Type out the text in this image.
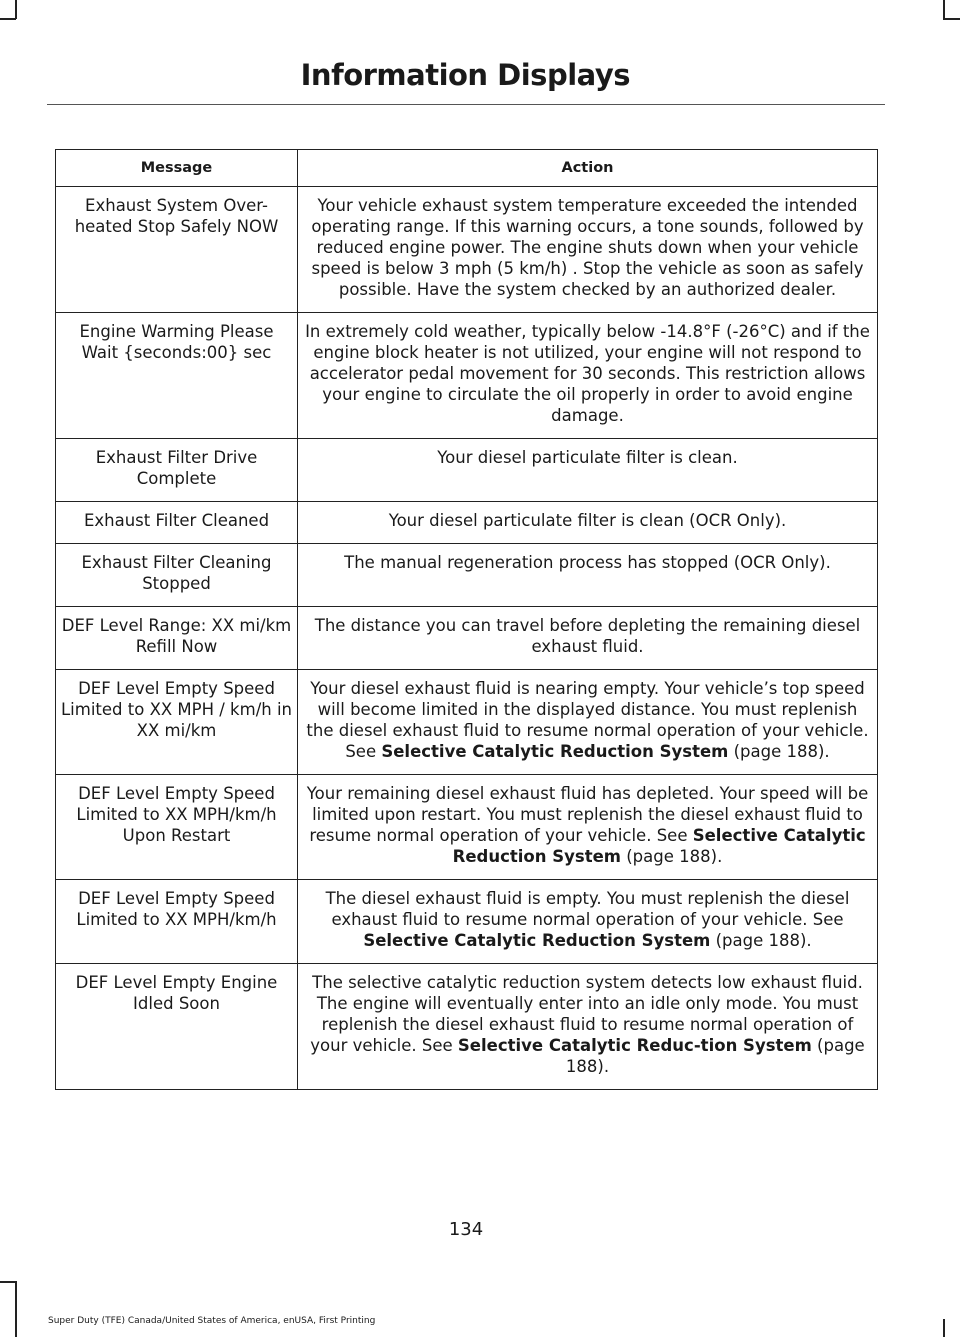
Information Displays
Message	Action
Exhaust System Over-heated Stop Safely NOW	Your vehicle exhaust system temperature exceeded the intended operating range. If this warning occurs, a tone sounds, followed by reduced engine power. The engine shuts down when your vehicle speed is below 3 mph (5 km/h) . Stop the vehicle as soon as safely possible. Have the system checked by an authorized dealer.
Engine Warming Please Wait {seconds:00} sec	In extremely cold weather, typically below -14.8°F (-26°C) and if the engine block heater is not utilized, your engine will not respond to accelerator pedal movement for 30 seconds. This restriction allows your engine to circulate the oil properly in order to avoid engine damage.
Exhaust Filter Drive Complete	Your diesel particulate filter is clean.
Exhaust Filter Cleaned	Your diesel particulate filter is clean (OCR Only).
Exhaust Filter Cleaning Stopped	The manual regeneration process has stopped (OCR Only).
DEF Level Range: XX mi/km Refill Now	The distance you can travel before depleting the remaining diesel exhaust fluid.
DEF Level Empty Speed Limited to XX MPH / km/h in XX mi/km	Your diesel exhaust fluid is nearing empty. Your vehicle’s top speed will become limited in the displayed distance. You must replenish the diesel exhaust fluid to resume normal operation of your vehicle. See Selective Catalytic Reduction System (page 188).
DEF Level Empty Speed Limited to XX MPH/km/h Upon Restart	Your remaining diesel exhaust fluid has depleted. Your speed will be limited upon restart. You must replenish the diesel exhaust fluid to resume normal operation of your vehicle. See Selective Catalytic Reduction System (page 188).
DEF Level Empty Speed Limited to XX MPH/km/h	The diesel exhaust fluid is empty. You must replenish the diesel exhaust fluid to resume normal operation of your vehicle. See Selective Catalytic Reduction System (page 188).
DEF Level Empty Engine Idled Soon	The selective catalytic reduction system detects low exhaust fluid. The engine will eventually enter into an idle only mode. You must replenish the diesel exhaust fluid to resume normal operation of your vehicle. See Selective Catalytic Reduc-tion System (page 188).
134
Super Duty (TFE) Canada/United States of America, enUSA, First Printing
